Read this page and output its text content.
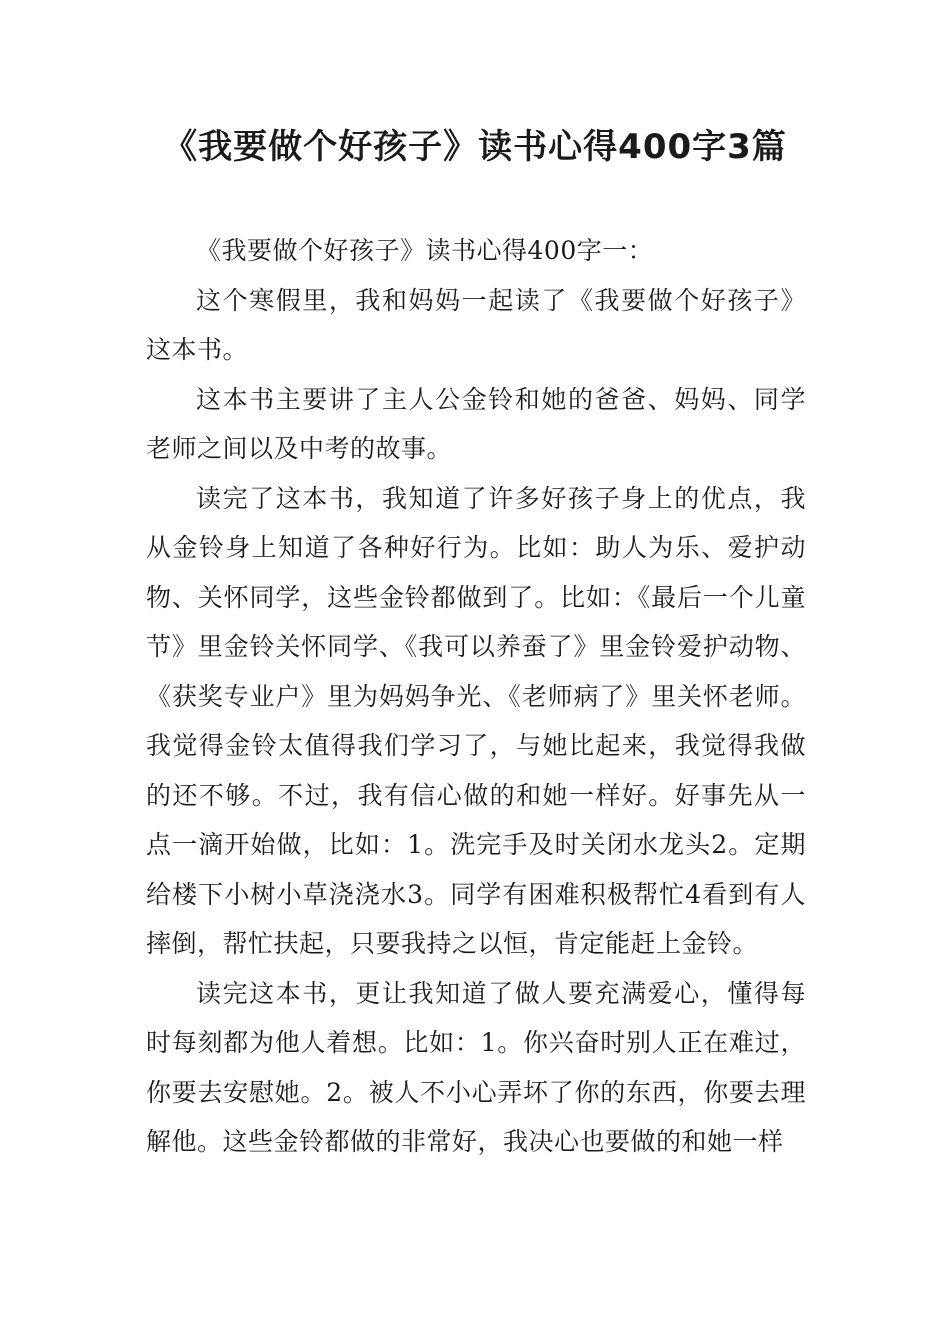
《我要做个好孩子》读书心得400字3篇

《我要做个好孩子》读书心得400字一：

这个寒假里，我和妈妈一起读了《我要做个好孩子》这本书。

这本书主要讲了主人公金铃和她的爸爸、妈妈、同学老师之间以及中考的故事。

读完了这本书，我知道了许多好孩子身上的优点，我从金铃身上知道了各种好行为。比如：助人为乐、爱护动物、关怀同学，这些金铃都做到了。比如：《最后一个儿童节》里金铃关怀同学、《我可以养蚕了》里金铃爱护动物、《获奖专业户》里为妈妈争光、《老师病了》里关怀老师。我觉得金铃太值得我们学习了，与她比起来，我觉得我做的还不够。不过，我有信心做的和她一样好。好事先从一点一滴开始做，比如：1。洗完手及时关闭水龙头2。定期给楼下小树小草浇浇水3。同学有困难积极帮忙4看到有人摔倒，帮忙扶起，只要我持之以恒，肯定能赶上金铃。

读完这本书，更让我知道了做人要充满爱心，懂得每时每刻都为他人着想。比如：1。你兴奋时别人正在难过，你要去安慰她。2。被人不小心弄坏了你的东西，你要去理解他。这些金铃都做的非常好，我决心也要做的和她一样
